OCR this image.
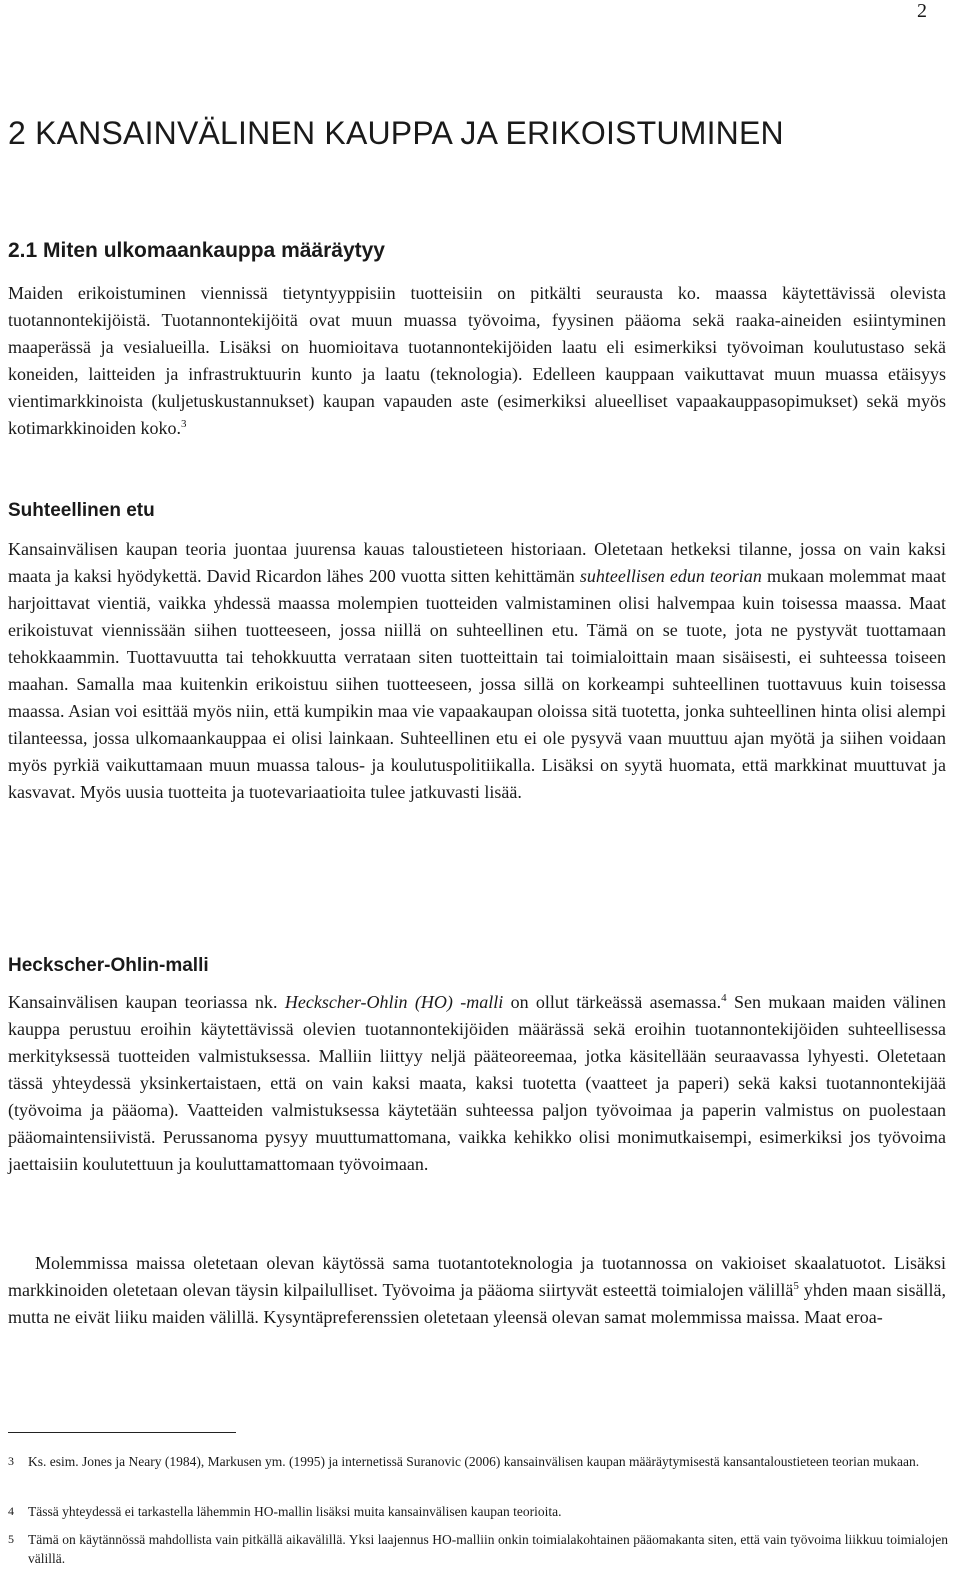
2
2 KANSAINVÄLINEN KAUPPA JA ERIKOISTUMINEN
2.1 Miten ulkomaankauppa määräytyy

Maiden erikoistuminen viennissä tietyntyyppisiin tuotteisiin on pitkälti seurausta ko. maassa käytettävissä olevista tuotannontekijöistä. Tuotannontekijöitä ovat muun muassa työvoima, fyysinen pääoma sekä raaka-aineiden esiintyminen maaperässä ja vesialueilla. Lisäksi on huomioitava tuotannontekijöiden laatu eli esimerkiksi työvoiman koulutustaso sekä koneiden, laitteiden ja infrastruktuurin kunto ja laatu (teknologia). Edelleen kauppaan vaikuttavat muun muassa etäisyys vientimarkkinoista (kuljetuskustannukset) kaupan vapauden aste (esimerkiksi alueelliset vapaakauppasopimukset) sekä myös kotimarkkinoiden koko.$^3$

Suhteellinen etu

Kansainvälisen kaupan teoria juontaa juurensa kauas taloustieteen historiaan. Oletetaan hetkeksi tilanne, jossa on vain kaksi maata ja kaksi hyödykettä. David Ricardon lähes 200 vuotta sitten kehittämän suhteellisen edun teorian mukaan molemmat maat harjoittavat vientiä, vaikka yhdessä maassa molempien tuotteiden valmistaminen olisi halvempaa kuin toisessa maassa. Maat erikoistuvat viennissään siihen tuotteeseen, jossa niillä on suhteellinen etu. Tämä on se tuote, jota ne pystyvät tuottamaan tehokkaammin. Tuottavuutta tai tehokkuutta verrataan siten tuotteittain tai toimialoittain maan sisäisesti, ei suhteessa toiseen maahan. Samalla maa kuitenkin erikoistuu siihen tuotteeseen, jossa sillä on korkeampi suhteellinen tuottavuus kuin toisessa maassa. Asian voi esittää myös niin, että kumpikin maa vie vapaakaupan oloissa sitä tuotetta, jonka suhteellinen hinta olisi alempi tilanteessa, jossa ulkomaankauppaa ei olisi lainkaan. Suhteellinen etu ei ole pysyvä vaan muuttuu ajan myötä ja siihen voidaan myös pyrkiä vaikuttamaan muun muassa talous- ja koulutuspolitiikalla. Lisäksi on syytä huomata, että markkinat muuttuvat ja kasvavat. Myös uusia tuotteita ja tuotevariaatioita tulee jatkuvasti lisää.

Heckscher-Ohlin-malli

Kansainvälisen kaupan teoriassa nk. Heckscher-Ohlin (HO) -malli on ollut tärkeässä asemassa.$^4$ Sen mukaan maiden välinen kauppa perustuu eroihin käytettävissä olevien tuotannontekijöiden määrässä sekä eroihin tuotannontekijöiden suhteellisessa merkityksessä tuotteiden valmistuksessa. Malliin liittyy neljä pääteoreemaa, jotka käsitellään seuraavassa lyhyesti. Oletetaan tässä yhteydessä yksinkertaistaen, että on vain kaksi maata, kaksi tuotetta (vaatteet ja paperi) sekä kaksi tuotannontekijää (työvoima ja pääoma). Vaatteiden valmistuksessa käytetään suhteessa paljon työvoimaa ja paperin valmistus on puolestaan pääomaintensiivistä. Perussanoma pysyy muuttumattomana, vaikka kehikko olisi monimutkaisempi, esimerkiksi jos työvoima jaettaisiin koulutettuun ja kouluttamattomaan työvoimaan.

Molemmissa maissa oletetaan olevan käytössä sama tuotantoteknologia ja tuotannossa on vakioiset skaalatuotot. Lisäksi markkinoiden oletetaan olevan täysin kilpailulliset. Työvoima ja pääoma siirtyvät esteettä toimialojen välillä$^5$ yhden maan sisällä, mutta ne eivät liiku maiden välillä. Kysyntäpreferenssien oletetaan yleensä olevan samat molemmissa maissa. Maat eroa-

3 Ks. esim. Jones ja Neary (1984), Markusen ym. (1995) ja internetissä Suranovic (2006) kansainvälisen kaupan määräytymisestä kansantaloustieteen teorian mukaan.

4 Tässä yhteydessä ei tarkastella lähemmin HO-mallin lisäksi muita kansainvälisen kaupan teorioita.

5 Tämä on käytännössä mahdollista vain pitkällä aikavälillä. Yksi laajennus HO-malliin onkin toimialakohtainen pääomakanta siten, että vain työvoima liikkuu toimialojen välillä.
